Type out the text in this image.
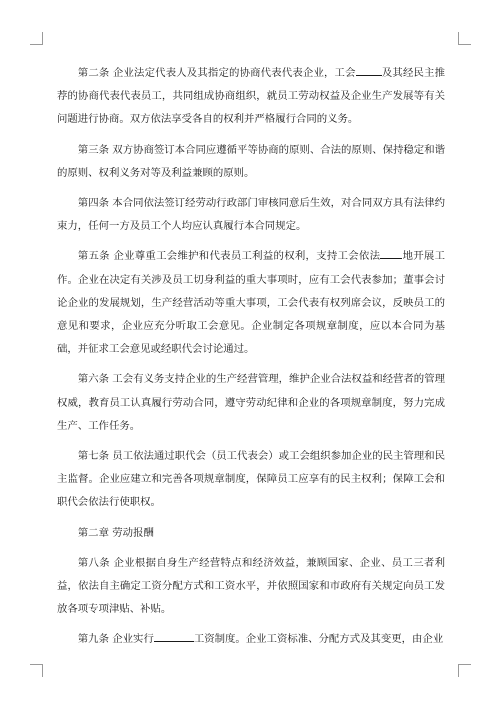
第二条 企业法定代表人及其指定的协商代表代表企业，工会	及其经民主推荐的协商代表代表员工，共同组成协商组织，就员工劳动权益及企业生产发展等有关问题进行协商。双方依法享受各自的权利并严格履行合同的义务。

第三条 双方协商签订本合同应遵循平等协商的原则、合法的原则、保持稳定和谐的原则、权利义务对等及利益兼顾的原则。

第四条 本合同依法签订经劳动行政部门审核同意后生效，对合同双方具有法律约束力，任何一方及员工个人均应认真履行本合同规定。

第五条 企业尊重工会维护和代表员工利益的权利，支持工会依法 地开展工作。企业在决定有关涉及员工切身利益的重大事项时，应有工会代表参加；董事会讨论企业的发展规划，生产经营活动等重大事项，工会代表有权列席会议，反映员工的意见和要求，企业应充分听取工会意见。企业制定各项规章制度，应以本合同为基础，并征求工会意见或经职代会讨论通过。

第六条 工会有义务支持企业的生产经营管理，维护企业合法权益和经营者的管理权威，教育员工认真履行劳动合同，遵守劳动纪律和企业的各项规章制度，努力完成生产、工作任务。

第七条 员工依法通过职代会（员工代表会）或工会组织参加企业的民主管理和民主监督。企业应建立和完善各项规章制度，保障员工应享有的民主权利；保障工会和职代会依法行使职权。

第二章 劳动报酬

第八条 企业根据自身生产经营特点和经济效益，兼顾国家、企业、员工三者利益，依法自主确定工资分配方式和工资水平，并依照国家和市政府有关规定向员工发放各项专项津贴、补贴。

第九条 企业实行	工资制度。企业工资标准、分配方式及其变更，由企业
